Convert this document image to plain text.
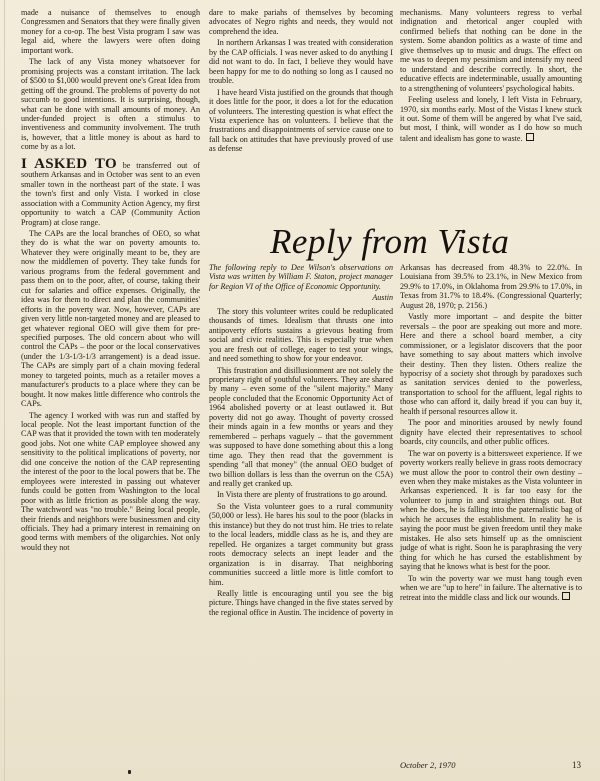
made a nuisance of themselves to enough Congressmen and Senators that they were finally given money for a co-op. The best Vista program I saw was legal aid, where the lawyers were often doing important work.

The lack of any Vista money whatsoever for promising projects was a constant irritation. The lack of $500 to $1,000 would prevent one's Great Idea from getting off the ground. The problems of poverty do not succumb to good intentions. It is surprising, though, what can be done with small amounts of money. An under-funded project is often a stimulus to inventiveness and community involvement. The truth is, however, that a little money is about as hard to come by as a lot.

I ASKED TO be transferred out of southern Arkansas and in October was sent to an even smaller town in the northeast part of the state. I was the town's first and only Vista. I worked in close association with a Community Action Agency, my first opportunity to watch a CAP (Community Action Program) at close range.

The CAPs are the local branches of OEO, so what they do is what the war on poverty amounts to. Whatever they were originally meant to be, they are now the middlemen of poverty. They take funds for various programs from the federal government and pass them on to the poor, after, of course, taking their cut for salaries and office expenses. Originally, the idea was for them to direct and plan the communities' efforts in the poverty war. Now, however, CAPs are given very little non-targeted money and are pleased to get whatever regional OEO will give them for pre-specified purposes. The old concern about who will control the CAPs – the poor or the local conservatives (under the 1/3-1/3-1/3 arrangement) is a dead issue. The CAPs are simply part of a chain moving federal money to targeted points, much as a retailer moves a manufacturer's products to a place where they can be bought. It now makes little difference who controls the CAPs.

The agency I worked with was run and staffed by local people. Not the least important function of the CAP was that it provided the town with ten moderately good jobs. Not one white CAP employee showed any sensitivity to the political implications of poverty, nor did one conceive the notion of the CAP representing the interest of the poor to the local powers that be. The employees were interested in passing out whatever funds could be gotten from Washington to the local poor with as little friction as possible along the way. The watchword was "no trouble." Being local people, their friends and neighbors were businessmen and city officials. They had a primary interest in remaining on good terms with members of the oligarchies. Not only would they not

dare to make pariahs of themselves by becoming advocates of Negro rights and needs, they would not comprehend the idea.

In northern Arkansas I was treated with consideration by the CAP officials. I was never asked to do anything I did not want to do. In fact, I believe they would have been happy for me to do nothing so long as I caused no trouble.

I have heard Vista justified on the grounds that though it does little for the poor, it does a lot for the education of volunteers. The interesting question is what effect the Vista experience has on volunteers. I believe that the frustrations and disappointments of service cause one to fall back on attitudes that have previously proved of use as defense

mechanisms. Many volunteers regress to verbal indignation and rhetorical anger coupled with confirmed beliefs that nothing can be done in the system. Some abandon politics as a waste of time and give themselves up to music and drugs. The effect on me was to deepen my pessimism and intensify my need to understand and describe correctly. In short, the educative effects are indeterminable, usually amounting to a strengthening of volunteers' psychological habits.

Feeling useless and lonely, I left Vista in February, 1970, six months early. Most of the Vistas I knew stuck it out. Some of them will be angered by what I've said, but most, I think, will wonder as I do how so much talent and idealism has gone to waste.

Reply from Vista

The following reply to Dee Wilson's observations on Vista was written by William F. Staton, project manager for Region VI of the Office of Economic Opportunity.

Austin

The story this volunteer writes could be reduplicated thousands of times. Idealism that thrusts one into antipoverty efforts sustains a grievous beating from social and civic realities. This is especially true when you are fresh out of college, eager to test your wings, and need something to show for your endeavor.

This frustration and disillusionment are not solely the proprietary right of youthful volunteers. They are shared by many – even some of the "silent majority." Many people concluded that the Economic Opportunity Act of 1964 abolished poverty or at least outlawed it. But poverty did not go away. Thought of poverty crossed their minds again in a few months or years and they remembered – perhaps vaguely – that the government was supposed to have done something about this a long time ago. They then read that the government is spending "all that money" (the annual OEO budget of two billion dollars is less than the overrun on the C5A) and really get cranked up.

In Vista there are plenty of frustrations to go around.

So the Vista volunteer goes to a rural community (50,000 or less). He bares his soul to the poor (blacks in this instance) but they do not trust him. He tries to relate to the local leaders, middle class as he is, and they are repelled. He organizes a target community but grass roots democracy selects an inept leader and the organization is in disarray. That neighboring communities succeed a little more is little comfort to him.

Really little is encouraging until you see the big picture. Things have changed in the five states served by the regional office in Austin. The incidence of poverty in

Arkansas has decreased from 48.3% to 22.0%. In Louisiana from 39.5% to 23.1%, in New Mexico from 29.9% to 17.0%, in Oklahoma from 29.9% to 17.0%, in Texas from 31.7% to 18.4%. (Congressional Quarterly; August 28, 1970; p. 2156.)

Vastly more important – and despite the bitter reversals – the poor are speaking out more and more. Here and there a school board member, a city commissioner, or a legislator discovers that the poor have something to say about matters which involve their destiny. Then they listen. Others realize the hypocrisy of a society shot through by paradoxes such as sanitation services denied to the powerless, transportation to school for the affluent, legal rights to those who can afford it, daily bread if you can buy it, health if personal resources allow it.

The poor and minorities aroused by newly found dignity have elected their representatives to school boards, city councils, and other public offices.

The war on poverty is a bittersweet experience. If we poverty workers really believe in grass roots democracy we must allow the poor to control their own destiny – even when they make mistakes as the Vista volunteer in Arkansas experienced. It is far too easy for the volunteer to jump in and straighten things out. But when he does, he is falling into the paternalistic bag of which he accuses the establishment. In reality he is saying the poor must be given freedom until they make mistakes. He also sets himself up as the omniscient judge of what is right. Soon he is paraphrasing the very thing for which he has cursed the establishment by saying that he knows what is best for the poor.

To win the poverty war we must hang tough even when we are "up to here" in failure. The alternative is to retreat into the middle class and lick our wounds.

October 2, 1970	13
